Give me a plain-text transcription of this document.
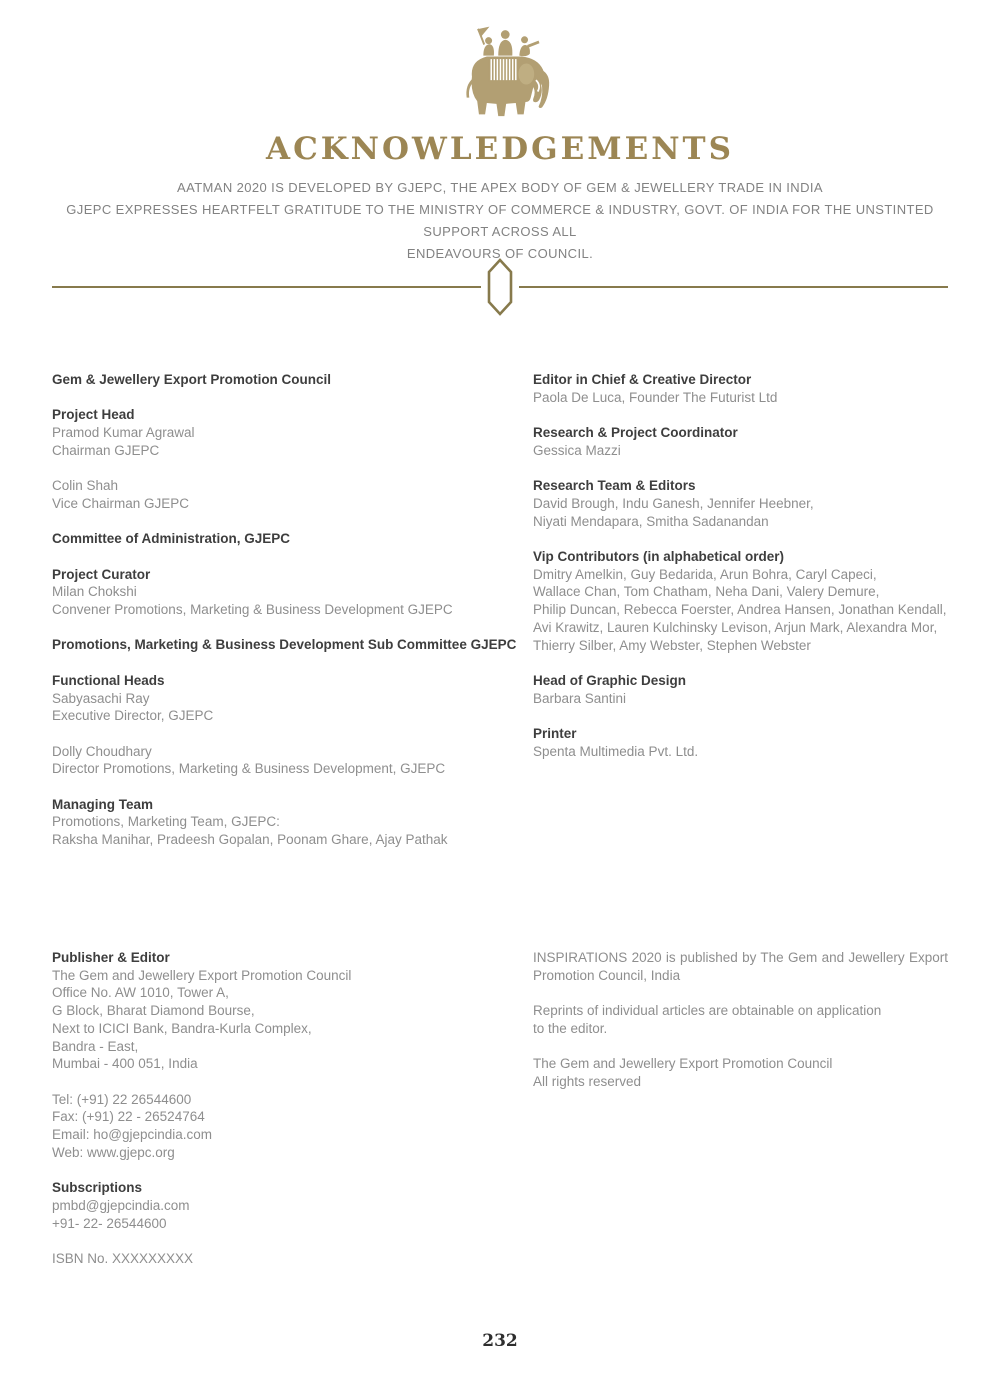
ACKNOWLEDGEMENTS
AATMAN 2020 IS DEVELOPED BY GJEPC, THE APEX BODY OF GEM & JEWELLERY TRADE IN INDIA
GJEPC EXPRESSES HEARTFELT GRATITUDE TO THE MINISTRY OF COMMERCE & INDUSTRY, GOVT. OF INDIA FOR THE UNSTINTED SUPPORT ACROSS ALL
ENDEAVOURS OF COUNCIL.
Gem & Jewellery Export Promotion Council
Project Head
Pramod Kumar Agrawal
Chairman GJEPC
Colin Shah
Vice Chairman GJEPC
Committee of Administration, GJEPC
Project Curator
Milan Chokshi
Convener Promotions, Marketing & Business Development GJEPC
Promotions, Marketing & Business Development Sub Committee GJEPC
Functional Heads
Sabyasachi Ray
Executive Director, GJEPC
Dolly Choudhary
Director Promotions, Marketing & Business Development, GJEPC
Managing Team
Promotions, Marketing Team, GJEPC:
Raksha Manihar, Pradeesh Gopalan, Poonam Ghare, Ajay Pathak
Editor in Chief & Creative Director
Paola De Luca, Founder The Futurist Ltd
Research & Project Coordinator
Gessica Mazzi
Research Team & Editors
David Brough, Indu Ganesh, Jennifer Heebner,
Niyati Mendapara, Smitha Sadanandan
Vip Contributors (in alphabetical order)
Dmitry Amelkin, Guy Bedarida, Arun Bohra, Caryl Capeci,
Wallace Chan, Tom Chatham, Neha Dani, Valery Demure,
Philip Duncan, Rebecca Foerster, Andrea Hansen, Jonathan Kendall,
Avi Krawitz, Lauren Kulchinsky Levison, Arjun Mark, Alexandra Mor,
Thierry Silber, Amy Webster, Stephen Webster
Head of Graphic Design
Barbara Santini
Printer
Spenta Multimedia Pvt. Ltd.
Publisher & Editor
The Gem and Jewellery Export Promotion Council
Office No. AW 1010, Tower A,
G Block, Bharat Diamond Bourse,
Next to ICICI Bank, Bandra-Kurla Complex,
Bandra - East,
Mumbai - 400 051, India
Tel: (+91) 22 26544600
Fax: (+91) 22 - 26524764
Email: ho@gjepcindia.com
Web: www.gjepc.org
Subscriptions
pmbd@gjepcindia.com
+91- 22- 26544600
ISBN No. XXXXXXXXX
INSPIRATIONS 2020 is published by The Gem and Jewellery Export
Promotion Council, India
Reprints of individual articles are obtainable on application
to the editor.
The Gem and Jewellery Export Promotion Council
All rights reserved
232
